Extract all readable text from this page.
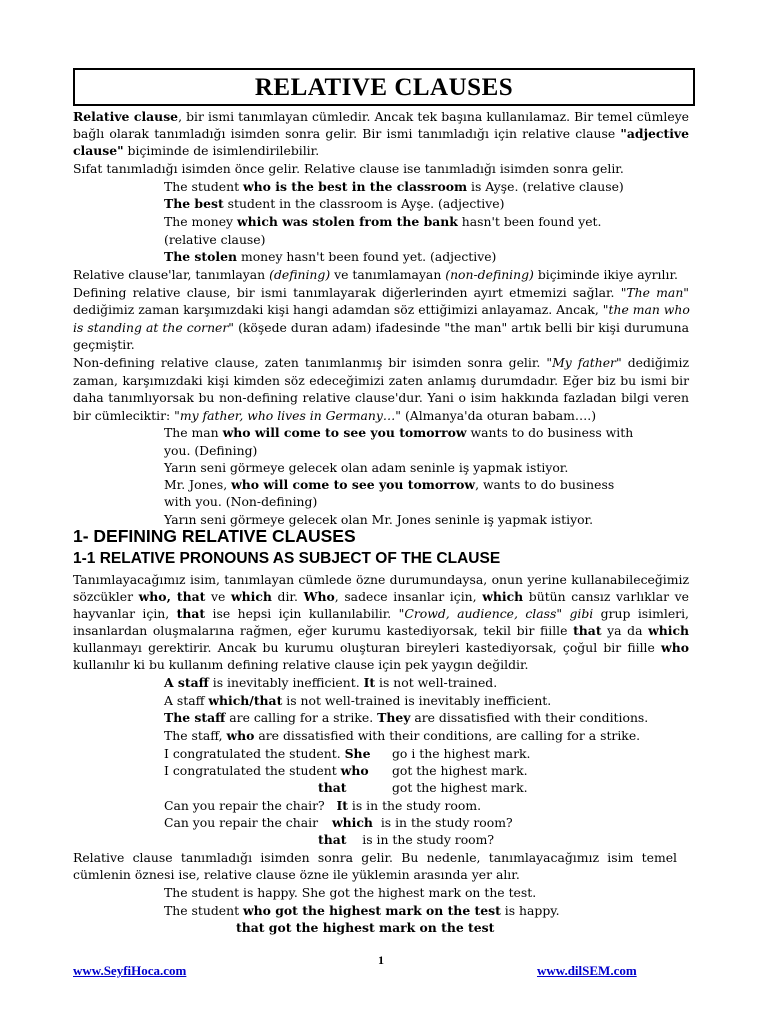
RELATIVE CLAUSES
Relative clause, bir ismi tanımlayan cümledir. Ancak tek başına kullanılamaz. Bir temel cümleye
bağlı olarak tanımladığı isimden sonra gelir. Bir ismi tanımladığı için relative clause "adjective
clause" biçiminde de isimlendirilebilir.
Sıfat tanımladığı isimden önce gelir. Relative clause ise tanımladığı isimden sonra gelir.
The student who is the best in the classroom is Ayşe. (relative clause)
The best student in the classroom is Ayşe. (adjective)
The money which was stolen from the bank hasn't been found yet.
(relative clause)
The stolen money hasn't been found yet. (adjective)
Relative clause'lar, tanımlayan (defining) ve tanımlamayan (non-defining) biçiminde ikiye ayrılır.
Defining relative clause, bir ismi tanımlayarak diğerlerinden ayırt etmemizi sağlar. "The man"
dediğimiz zaman karşımızdaki kişi hangi adamdan söz ettiğimizi anlayamaz. Ancak, "the man who
is standing at the corner" (köşede duran adam) ifadesinde "the man" artık belli bir kişi durumuna
geçmiştir.
Non-defining relative clause, zaten tanımlanmış bir isimden sonra gelir. "My father" dediğimiz
zaman, karşımızdaki kişi kimden söz edeceğimizi zaten anlamış durumdadır. Eğer biz bu ismi bir
daha tanımlıyorsak bu non-defining relative clause'dur. Yani o isim hakkında fazladan bilgi veren
bir cümleciktir: "my father, who lives in Germany…" (Almanya'da oturan babam….)
The man who will come to see you tomorrow wants to do business with
you. (Defining)
Yarın seni görmeye gelecek olan adam seninle iş yapmak istiyor.
Mr. Jones, who will come to see you tomorrow, wants to do business
with you. (Non-defining)
Yarın seni görmeye gelecek olan Mr. Jones seninle iş yapmak istiyor.
1- DEFINING RELATIVE CLAUSES
1-1 RELATIVE PRONOUNS AS SUBJECT OF THE CLAUSE
Tanımlayacağımız isim, tanımlayan cümlede özne durumundaysa, onun yerine kullanabileceğimiz
sözcükler who, that ve which dir. Who, sadece insanlar için, which bütün cansız varlıklar ve
hayvanlar için, that ise hepsi için kullanılabilir. "Crowd, audience, class" gibi grup isimleri,
insanlardan oluşmalarına rağmen, eğer kurumu kastediyorsak, tekil bir fiille that ya da which
kullanmayı gerektirir. Ancak bu kurumu oluşturan bireyleri kastediyorsak, çoğul bir fiille who
kullanılır ki bu kullanım defining relative clause için pek yaygın değildir.
A staff is inevitably inefficient. It is not well-trained.
A staff which/that is not well-trained is inevitably inefficient.
The staff are calling for a strike. They are dissatisfied with their conditions.
The staff, who are dissatisfied with their conditions, are calling for a strike.
I congratulated the student. She go i the highest mark.
I congratulated the student who got the highest mark.
that	got the highest mark.
Can you repair the chair?   It is in the study room.
Can you repair the chair which  is in the study room?
that    is in the study room?
Relative clause tanımladığı isimden sonra gelir. Bu nedenle, tanımlayacağımız isim temel
cümlenin öznesi ise, relative clause özne ile yüklemin arasında yer alır.
The student is happy. She got the highest mark on the test.
The student who got the highest mark on the test is happy.
that got the highest mark on the test
1
www.SeyfiHoca.com	www.dilSEM.com
